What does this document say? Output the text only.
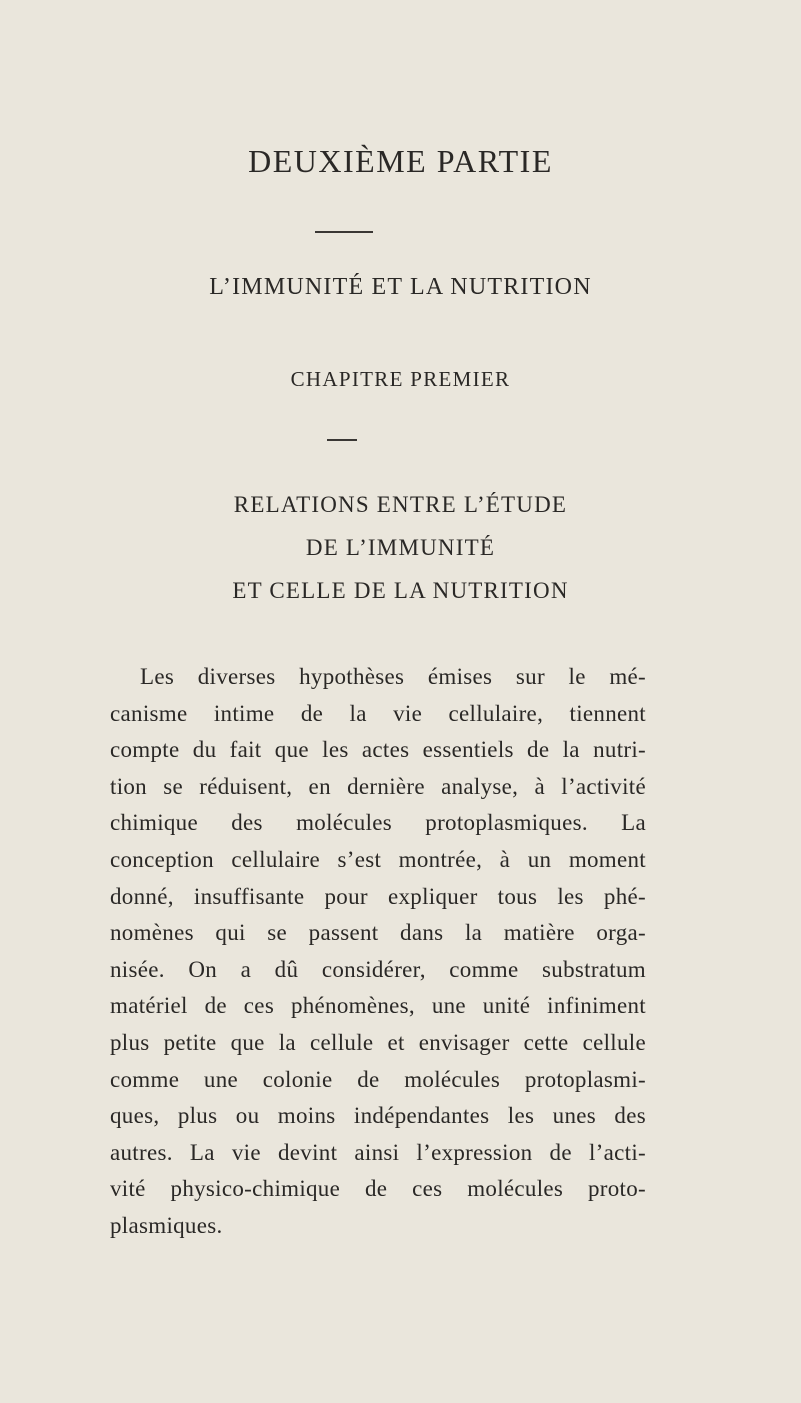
DEUXIÈME PARTIE
L’IMMUNITÉ ET LA NUTRITION
CHAPITRE PREMIER
RELATIONS ENTRE L’ÉTUDE
DE L’IMMUNITÉ
ET CELLE DE LA NUTRITION
Les diverses hypothèses émises sur le mé-
canisme intime de la vie cellulaire, tiennent
compte du fait que les actes essentiels de la nutri-
tion se réduisent, en dernière analyse, à l’activité
chimique des molécules protoplasmiques. La
conception cellulaire s’est montrée, à un moment
donné, insuffisante pour expliquer tous les phé-
nomènes qui se passent dans la matière orga-
nisée. On a dû considérer, comme substratum
matériel de ces phénomènes, une unité infiniment
plus petite que la cellule et envisager cette cellule
comme une colonie de molécules protoplasmi-
ques, plus ou moins indépendantes les unes des
autres. La vie devint ainsi l’expression de l’acti-
vité physico-chimique de ces molécules proto-
plasmiques.
